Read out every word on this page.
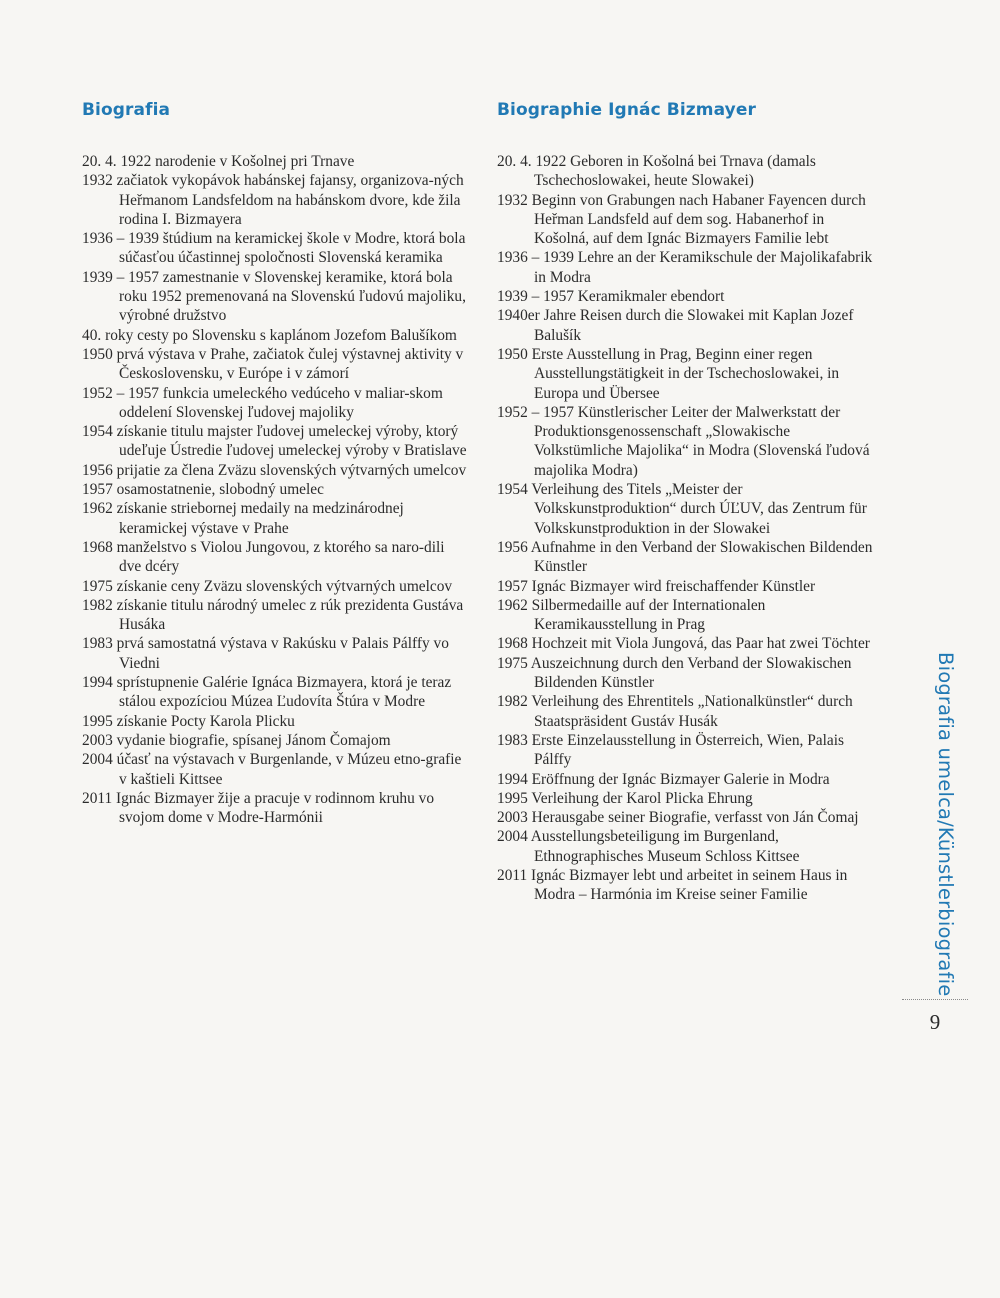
Biografia	Biographie Ignác Bizmayer
20. 4. 1922 narodenie v Košolnej pri Trnave
1932 začiatok vykopávok habánskej fajansy, organizova-ných Heřmanom Landsfeldom na habánskom dvore, kde žila rodina I. Bizmayera
1936 – 1939 štúdium na keramickej škole v Modre, ktorá bola súčasťou účastinnej spoločnosti Slovenská keramika
1939 – 1957 zamestnanie v Slovenskej keramike, ktorá bola roku 1952 premenovaná na Slovenskú ľudovú majoliku, výrobné družstvo
40. roky cesty po Slovensku s kaplánom Jozefom Balušíkom
1950 prvá výstava v Prahe, začiatok čulej výstavnej aktivity v Československu, v Európe i v zámorí
1952 – 1957 funkcia umeleckého vedúceho v maliar-skom oddelení Slovenskej ľudovej majoliky
1954 získanie titulu majster ľudovej umeleckej výroby, ktorý udeľuje Ústredie ľudovej umeleckej výroby v Bratislave
1956 prijatie za člena Zväzu slovenských výtvarných umelcov
1957 osamostatnenie, slobodný umelec
1962 získanie striebornej medaily na medzinárodnej keramickej výstave v Prahe
1968 manželstvo s Violou Jungovou, z ktorého sa naro-dili dve dcéry
1975 získanie ceny Zväzu slovenských výtvarných umelcov
1982 získanie titulu národný umelec z rúk prezidenta Gustáva Husáka
1983 prvá samostatná výstava v Rakúsku v Palais Pálffy vo Viedni
1994 sprístupnenie Galérie Ignáca Bizmayera, ktorá je teraz stálou expozíciou Múzea Ľudovíta Štúra v Modre
1995 získanie Pocty Karola Plicku
2003 vydanie biografie, spísanej Jánom Čomajom
2004 účasť na výstavach v Burgenlande, v Múzeu etno-grafie v kaštieli Kittsee
2011 Ignác Bizmayer žije a pracuje v rodinnom kruhu vo svojom dome v Modre-Harmónii
20. 4. 1922 Geboren in Košolná bei Trnava (damals Tschechoslowakei, heute Slowakei)
1932 Beginn von Grabungen nach Habaner Fayencen durch Heřman Landsfeld auf dem sog. Habanerhof in Košolná, auf dem Ignác Bizmayers Familie lebt
1936 – 1939 Lehre an der Keramikschule der Majolikafabrik in Modra
1939 – 1957 Keramikmaler ebendort
1940er Jahre Reisen durch die Slowakei mit Kaplan Jozef Balušík
1950 Erste Ausstellung in Prag, Beginn einer regen Ausstellungstätigkeit in der Tschechoslowakei, in Europa und Übersee
1952 – 1957 Künstlerischer Leiter der Malwerkstatt der Produktionsgenossenschaft „Slowakische Volkstümliche Majolika“ in Modra (Slovenská ľudová majolika Modra)
1954 Verleihung des Titels „Meister der Volkskunstproduktion“ durch ÚĽUV, das Zentrum für Volkskunstproduktion in der Slowakei
1956 Aufnahme in den Verband der Slowakischen Bildenden Künstler
1957 Ignác Bizmayer wird freischaffender Künstler
1962 Silbermedaille auf der Internationalen Keramikausstellung in Prag
1968 Hochzeit mit Viola Jungová, das Paar hat zwei Töchter
1975 Auszeichnung durch den Verband der Slowakischen Bildenden Künstler
1982 Verleihung des Ehrentitels „Nationalkünstler“ durch Staatspräsident Gustáv Husák
1983 Erste Einzelausstellung in Österreich, Wien, Palais Pálffy
1994 Eröffnung der Ignác Bizmayer Galerie in Modra
1995 Verleihung der Karol Plicka Ehrung
2003 Herausgabe seiner Biografie, verfasst von Ján Čomaj
2004 Ausstellungsbeteiligung im Burgenland, Ethnographisches Museum Schloss Kittsee
2011 Ignác Bizmayer lebt und arbeitet in seinem Haus in Modra – Harmónia im Kreise seiner Familie	Biografia umelca/Künstlerbiografie
9
